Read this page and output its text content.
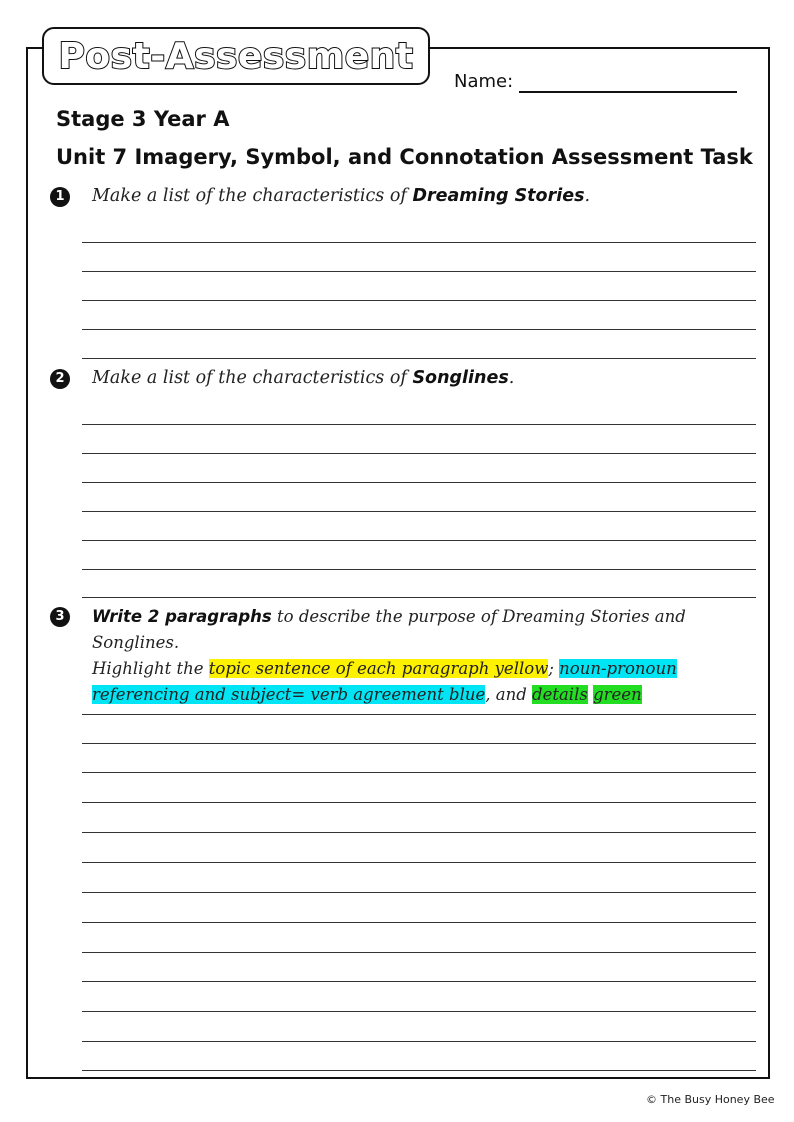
Post-Assessment
Name:
Stage 3 Year A
Unit 7 Imagery, Symbol, and Connotation Assessment Task
1 Make a list of the characteristics of Dreaming Stories.
2 Make a list of the characteristics of Songlines.
3	Write 2 paragraphs to describe the purpose of Dreaming Stories and Songlines.
Highlight the topic sentence of each paragraph yellow; noun-pronoun referencing and subject= verb agreement blue, and details green
© The Busy Honey Bee
